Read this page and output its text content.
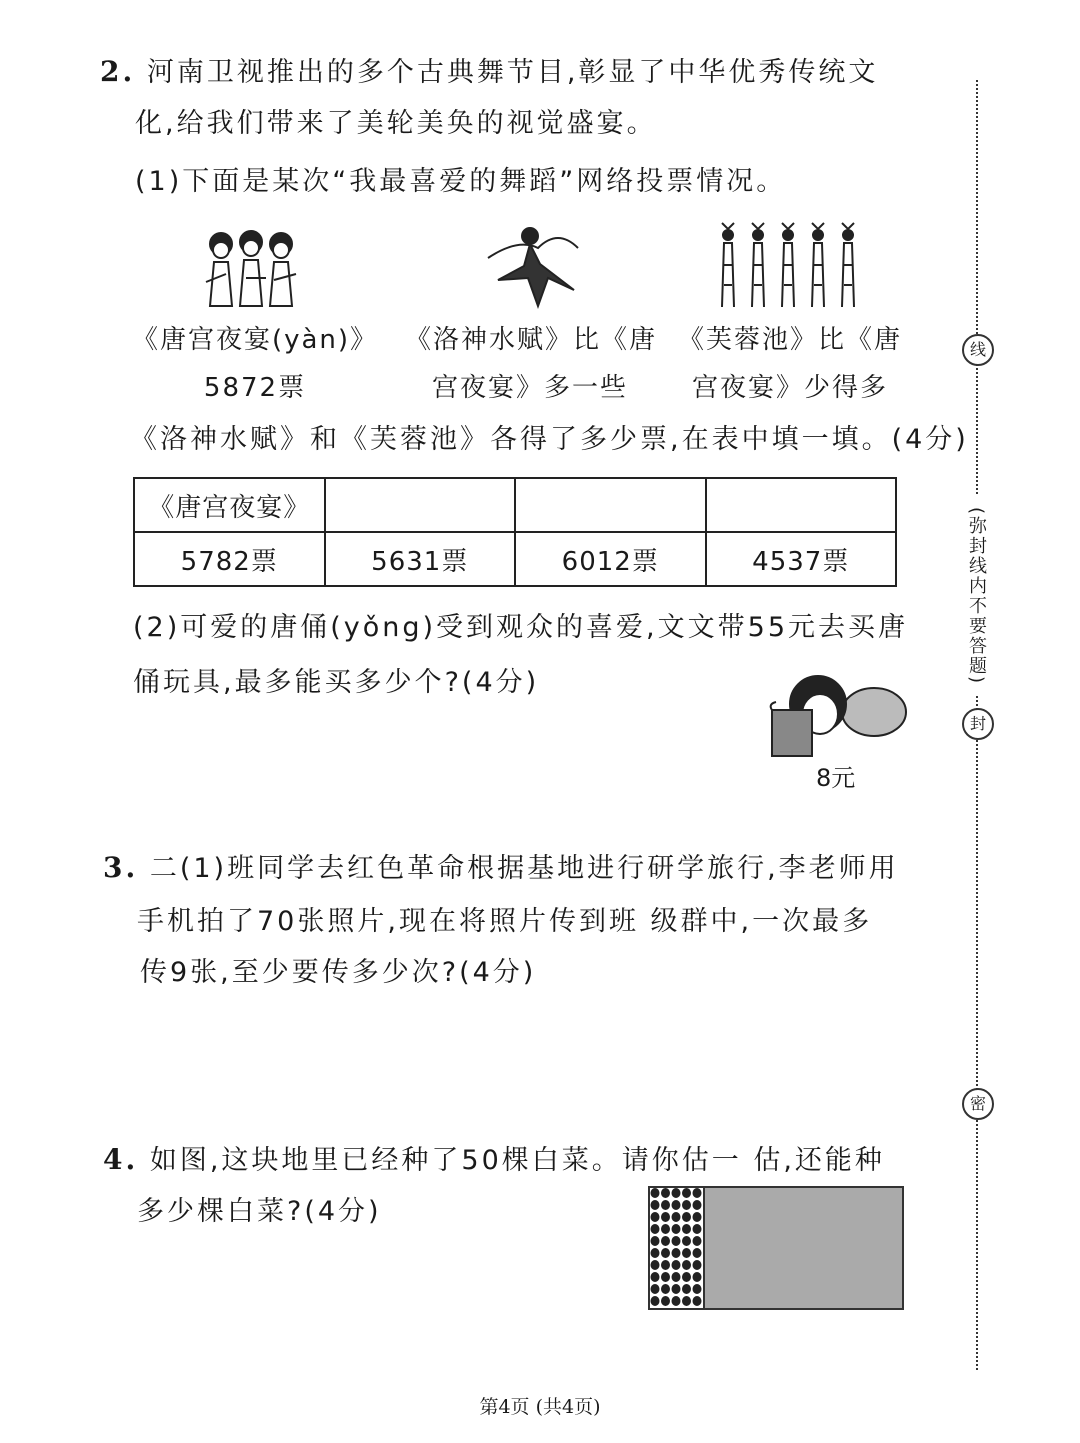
2. 河南卫视推出的多个古典舞节目,彰显了中华优秀传统文
化,给我们带来了美轮美奂的视觉盛宴。
(1)下面是某次“我最喜爱的舞蹈”网络投票情况。
《唐宫夜宴(yàn)》
5872票
《洛神水赋》比《唐
宫夜宴》多一些
《芙蓉池》比《唐
宫夜宴》少得多
《洛神水赋》和《芙蓉池》各得了多少票,在表中填一填。(4分)
《唐宫夜宴》			
5782票	5631票	6012票	4537票
(2)可爱的唐俑(yǒng)受到观众的喜爱,文文带55元去买唐
俑玩具,最多能买多少个?(4分)
8元
3. 二(1)班同学去红色革命根据基地进行研学旅行,李老师用
手机拍了70张照片,现在将照片传到班 级群中,一次最多
传9张,至少要传多少次?(4分)
4. 如图,这块地里已经种了50棵白菜。请你估一 估,还能种
多少棵白菜?(4分)
线
(弥封线内不要答题)
封
密
第4页 (共4页)
